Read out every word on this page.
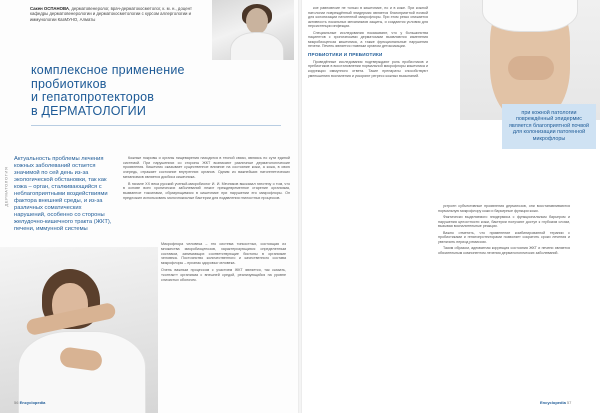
Сакен ОСПАНОВА, дерматовенеролог, врач-дерматокосметолог, к. м. н., доцент кафедры дерматовенерологии и дерматокосметологии с курсом аллергологии и иммунологии КазМУНО, Алматы
комплексное применение
пробиотиков
и гепатопротекторов
в ДЕРМАТОЛОГИИ
ДЕРМАТОЛОГИЯ
Актуальность проблемы лечения кожных заболеваний остается значимой по сей день из-за экологической обстановки, так как кожа – орган, сталкивающийся с неблагоприятными воздействиями фактора внешней среды, и из-за различных соматических нарушений, особенно со стороны желудочно-кишечного тракта (ЖКТ), печени, иммунной системы

Кожные покровы и органы пищеварения находятся в тесной связи, являясь по сути единой системой. При нарушениях со стороны ЖКТ возникают различные дерматологические проявления. Кишечник оказывает существенное влияние на состояние кожи, а кожа, в свою очередь, отражает состояние внутренних органов. Одним из важнейших патогенетических механизмов является дисбиоз кишечника.

В начале XX века русский ученый-микробиолог И. И. Мечников высказал гипотезу о том, что в основе всех хронических заболеваний лежит преждевременное старение организма, вызванное токсинами, образующимися в кишечнике при нарушении его микрофлоры. Он предложил использовать молочнокислые бактерии для подавления гнилостных процессов.

Микрофлора человека – это система тонкостных, состоящая из множества микробиоценозов, характеризующихся определенным составом, занимающих соответствующие биотопы в организме человека. Постоянство количественного и качественного состава микрофлоры – признак здоровья человека.

Очень важным процессом с участием ЖКТ является, так сказать, «контакт» организма с внешней средой, реализующийся на уровне слизистых оболочек.

56 Encyclopedia

кое равновесие не только в кишечнике, но и в коже. При кожной патологии повреждённый эпидермис является благоприятной почвой для колонизации патогенной микрофлоры. При этом резко снижается активность локальных механизмов защиты, и создаются условия для персистенции инфекции.

Специальные исследования показывают, что у большинства пациентов с хроническими дерматозами выявляются изменения микробиоценоза кишечника, а также функциональные нарушения печени. Печень является главным органом детоксикации.

ПРОБИОТИКИ И ПРЕБИОТИКИ

Проведённые исследования подтверждают роль пробиотиков и пребиотиков в восстановлении нормальной микрофлоры кишечника и коррекции иммунного ответа. Такие препараты способствуют уменьшению воспаления и ускоряют регресс кожных высыпаний.

при кожной патологии повреждённый эпидермис является благоприятной почвой для колонизации патогенной микрофлоры

устроен субъективные проявления дерматозов, они восстанавливаются нормальную микрофлору кожи и барьерные функции кожи.

Фактически выделяемого эпидермиса с функциональным барьером и нарушения целостности кожи, бактерии получают доступ к глубоким слоям, вызывая воспалительные реакции.

Важно отметить, что применение комбинированной терапии с пробиотиками и гепатопротекторами позволяет сократить сроки лечения и увеличить период ремиссии.

Таким образом, адекватная коррекция состояния ЖКТ и печени является обязательным компонентом лечения дерматологических заболеваний.

Encyclopedia 57
